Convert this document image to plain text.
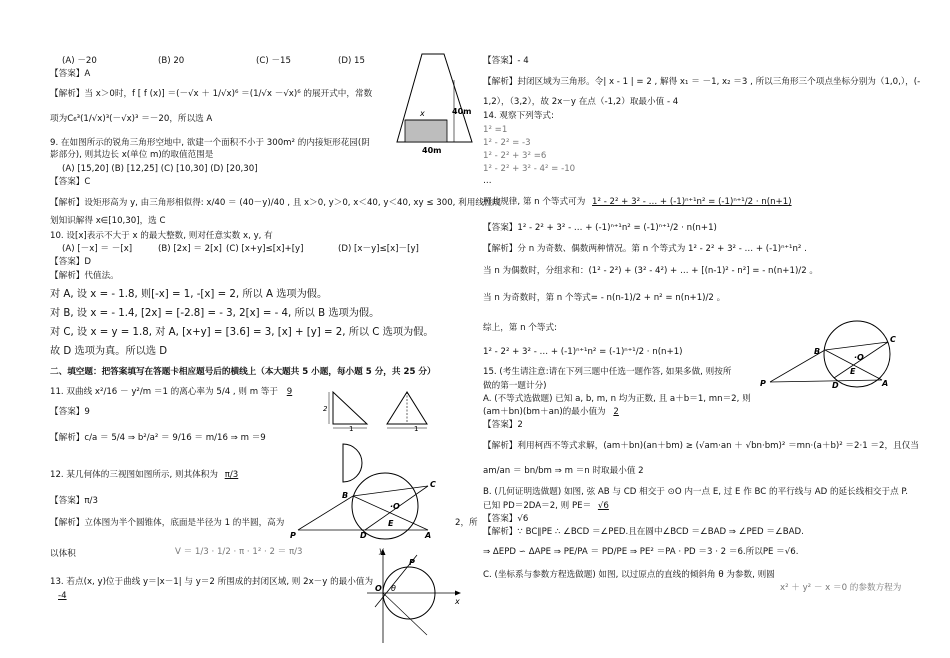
(A) －20	(B) 20	(C) －15	(D) 15
【答案】A
【解析】当 x＞0时，f [ f (x)] ＝(－√x ＋ 1/√x)⁶ ＝(1/√x －√x)⁶ 的展开式中，常数
项为C₆³(1/√x)³(－√x)³ ＝－20，所以选 A
9. 在如图所示的锐角三角形空地中, 欲建一个面积不小于 300m² 的内接矩形花园(阴
影部分), 则其边长 x(单位 m)的取值范围是
(A) [15,20] (B) [12,25] (C) [10,30] (D) [20,30]
【答案】C
【解析】设矩形高为 y, 由三角形相似得: x/40 ＝ (40－y)/40 , 且 x＞0, y＞0, x＜40, y＜40, xy ≤ 300, 利用线性规
划知识解得 x∈[10,30]，选 C
10. 设[x]表示不大于 x 的最大整数, 则对任意实数 x, y, 有
(A) [－x] ＝ －[x]	(B) [2x] ＝ 2[x] (C) [x+y]≤[x]+[y]	(D) [x－y]≤[x]－[y]
【答案】D
【解析】代值法。
对 A, 设 x = - 1.8, 则[-x] = 1, -[x] = 2, 所以 A 选项为假。
对 B, 设 x = - 1.4, [2x] = [-2.8] = - 3, 2[x] = - 4, 所以 B 选项为假。
对 C, 设 x = y = 1.8, 对 A, [x+y] = [3.6] = 3, [x] + [y] = 2, 所以 C 选项为假。
故 D 选项为真。所以选 D
二、填空题：把答案填写在答题卡相应题号后的横线上（本大题共 5 小题，每小题 5 分，共 25 分）
11. 双曲线 x²/16 － y²/m ＝1 的离心率为 5/4 , 则 m 等于 9
【答案】9
【解析】c/a ＝ 5/4 ⇒ b²/a² ＝ 9/16 ＝ m/16 ⇒ m ＝9
12. 某几何体的三视图如图所示, 则其体积为 π/3
【答案】π/3
【解析】立体图为半个圆锥体，底面是半径为 1 的半圆，高为	2，所
以体积	V ＝ 1/3 · 1/2 · π · 1² · 2 ＝ π/3
13. 若点(x, y)位于曲线 y＝|x－1| 与 y＝2 所围成的封闭区域, 则 2x－y 的最小值为
-4
x	40m
40m
2
1	1
B
C
·O
E
P	D	A
y
P
O θ
x
【答案】- 4
【解析】封闭区域为三角形。令| x - 1 | = 2 , 解得 x₁ ＝ －1, x₂ ＝3 , 所以三角形三个项点坐标分别为（1,0,），(-
1,2），（3,2），故 2x－y 在点（-1,2）取最小值 - 4
14. 观察下列等式:
1² =1
1² - 2² = -3
1² - 2² + 3² =6
1² - 2² + 3² - 4² = -10
…
照此规律, 第 n 个等式可为 1² - 2² + 3² - … + (-1)ⁿ⁺¹n² = (-1)ⁿ⁺¹/2 · n(n+1)
【答案】1² - 2² + 3² - … + (-1)ⁿ⁺¹n² = (-1)ⁿ⁺¹/2 · n(n+1)
【解析】分 n 为奇数、偶数两种情况。第 n 个等式为 1² - 2² + 3² - … + (-1)ⁿ⁺¹n² .
当 n 为偶数时，分组求和：(1² - 2²) + (3² - 4²) + … + [(n-1)² - n²] = - n(n+1)/2 。
当 n 为奇数时，第 n 个等式= - n(n-1)/2 + n² = n(n+1)/2 。
综上，第 n 个等式:
1² - 2² + 3² - … + (-1)ⁿ⁺¹n² = (-1)ⁿ⁺¹/2 · n(n+1)
15. (考生请注意:请在下列三题中任选一题作答, 如果多做, 则按所
做的第一题计分)
A. (不等式选做题) 已知 a, b, m, n 均为正数, 且 a＋b＝1, mn＝2, 则
(am＋bn)(bm＋an)的最小值为 2
【答案】2
【解析】利用柯西不等式求解，(am＋bn)(an＋bm) ≥ (√am·an ＋ √bn·bm)² ＝mn·(a＋b)² ＝2·1 ＝2，且仅当
am/an ＝ bn/bm ⇒ m ＝n 时取最小值 2
B. (几何证明选做题) 如图, 弦 AB 与 CD 相交于 ⊙O 内一点 E, 过 E 作 BC 的平行线与 AD 的延长线相交于点 P.
已知 PD＝2DA＝2, 则 PE＝ √6
【答案】√6
【解析】∵ BC∥PE ∴ ∠BCD ＝∠PED.且在圆中∠BCD ＝∠BAD ⇒ ∠PED ＝∠BAD.
⇒ ΔEPD ∽ ΔAPE ⇒ PE/PA ＝ PD/PE ⇒ PE² ＝PA · PD ＝3 · 2 ＝6.所以PE ＝√6.
C. (坐标系与参数方程选做题) 如图, 以过原点的直线的倾斜角 θ 为参数, 则圆
x² ＋ y² － x ＝0 的参数方程为
B
C
·O
E
P	D	A
